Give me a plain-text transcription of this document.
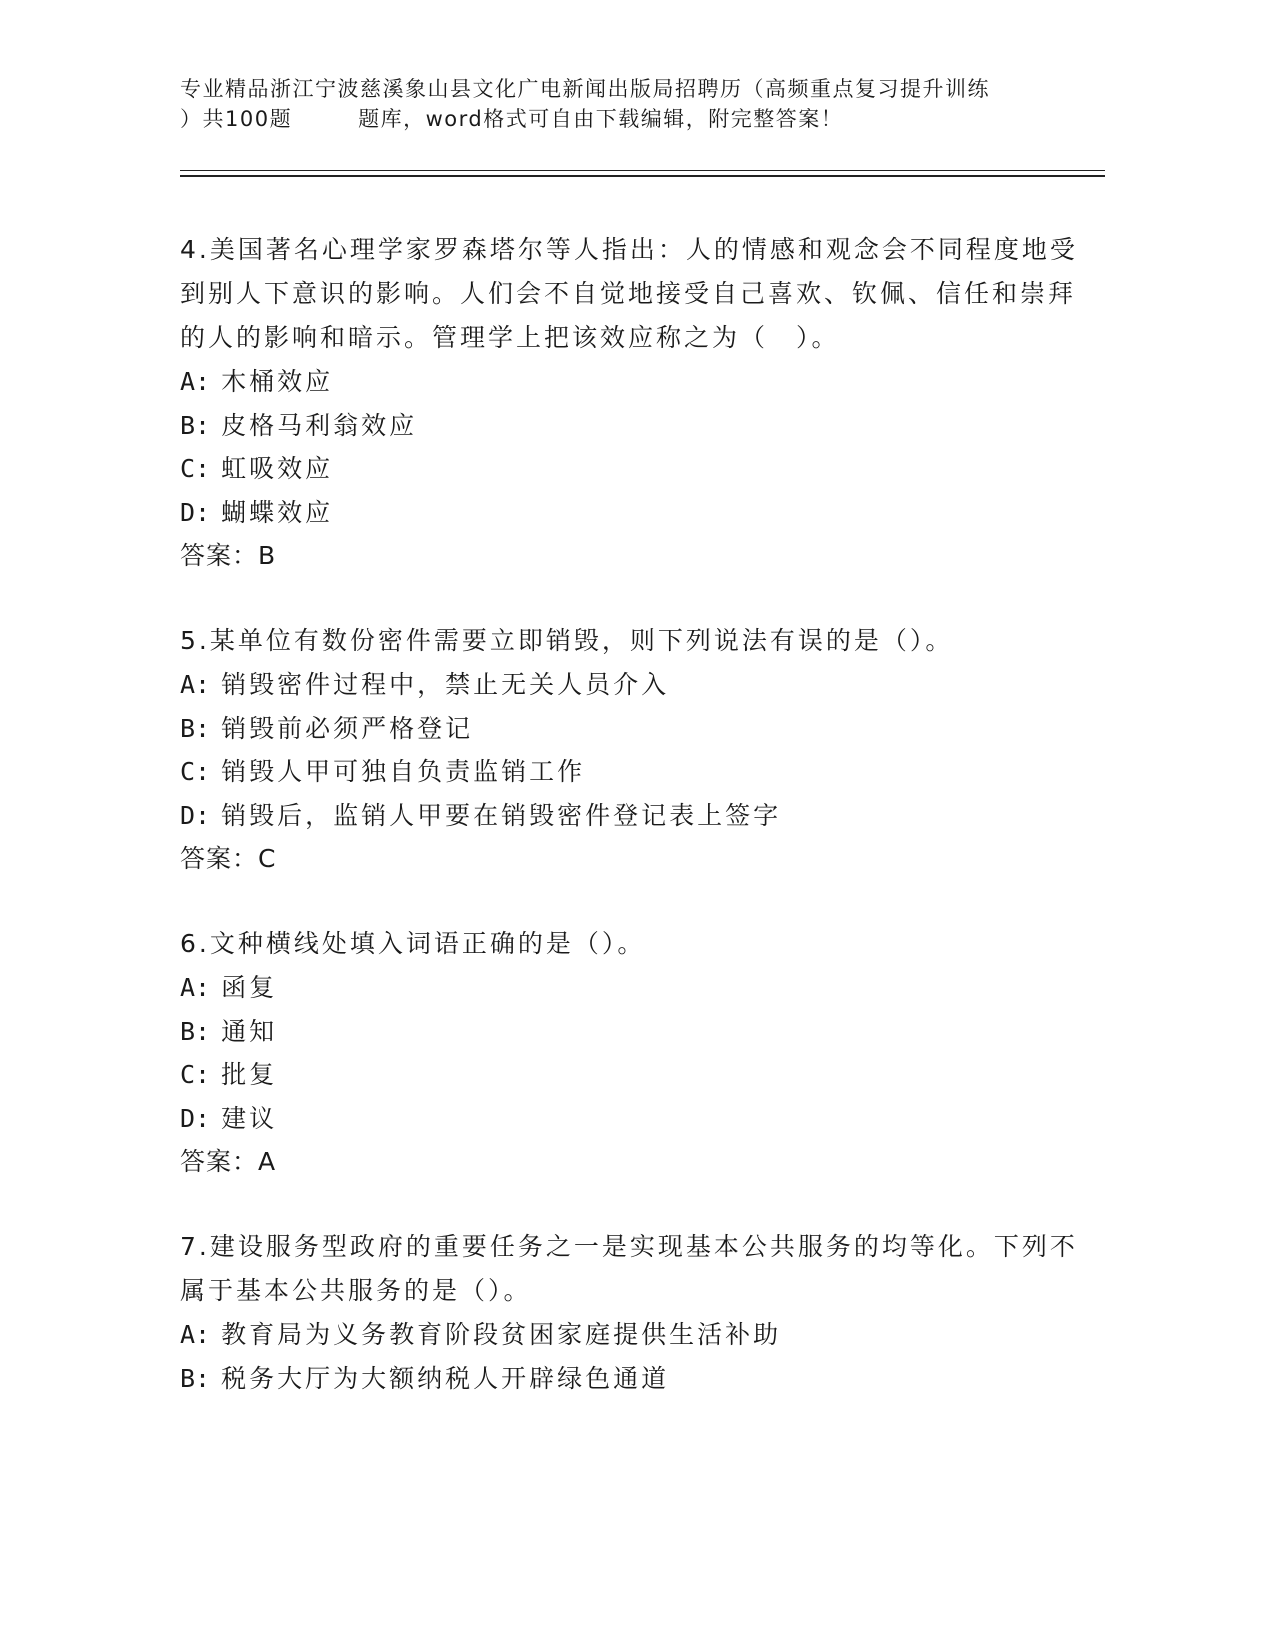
专业精品浙江宁波慈溪象山县文化广电新闻出版局招聘历（高频重点复习提升训练
）共100题	题库，word格式可自由下载编辑，附完整答案！

4.美国著名心理学家罗森塔尔等人指出：人的情感和观念会不同程度地受到别人下意识的影响。人们会不自觉地接受自己喜欢、钦佩、信任和崇拜的人的影响和暗示。管理学上把该效应称之为（　）。

A: 木桶效应
B: 皮格马利翁效应
C: 虹吸效应
D: 蝴蝶效应
答案：B

5.某单位有数份密件需要立即销毁，则下列说法有误的是（）。

A: 销毁密件过程中，禁止无关人员介入
B: 销毁前必须严格登记
C: 销毁人甲可独自负责监销工作
D: 销毁后，监销人甲要在销毁密件登记表上签字
答案：C

6.文种横线处填入词语正确的是（）。

A: 函复
B: 通知
C: 批复
D: 建议
答案：A

7.建设服务型政府的重要任务之一是实现基本公共服务的均等化。下列不属于基本公共服务的是（）。

A: 教育局为义务教育阶段贫困家庭提供生活补助
B: 税务大厅为大额纳税人开辟绿色通道
